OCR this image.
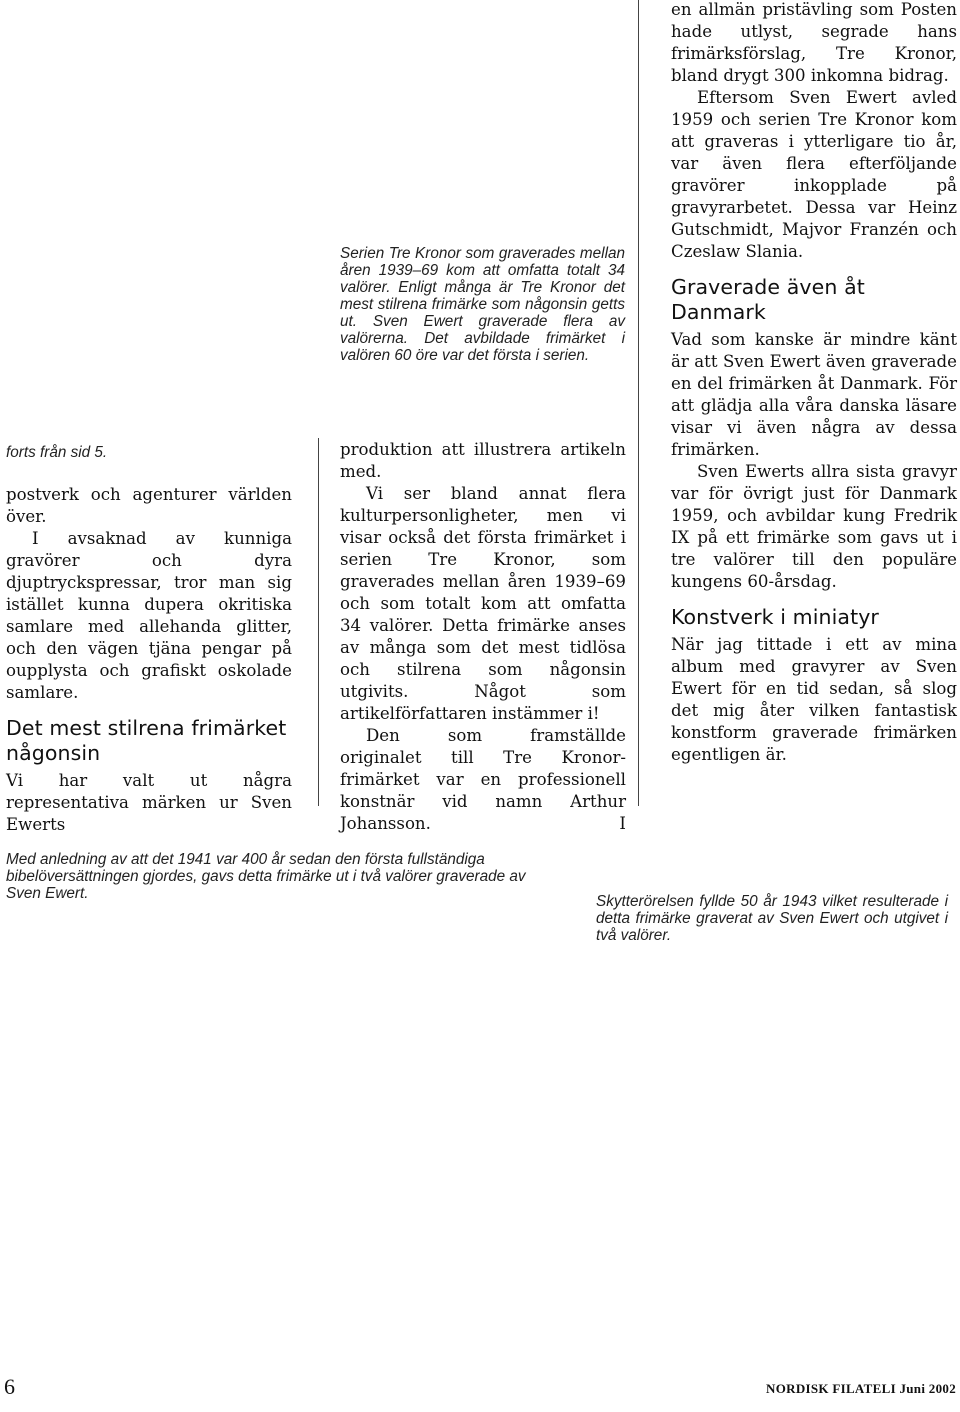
forts från sid 5.

postverk och agenturer världen över.

I avsaknad av kunniga gravörer och dyra djuptryckspressar, tror man sig istället kunna dupera okritiska samlare med allehanda glitter, och den vägen tjäna pengar på oupplysta och grafiskt oskolade samlare.

Det mest stilrena frimärket någonsin

Vi har valt ut några representativa märken ur Sven Ewerts

Serien Tre Kronor som graverades mellan åren 1939–69 kom att omfatta totalt 34 valörer. Enligt många är Tre Kronor det mest stilrena frimärke som någonsin getts ut. Sven Ewert graverade flera av valörerna. Det avbildade frimärket i valören 60 öre var det första i serien.

produktion att illustrera artikeln med.

Vi ser bland annat flera kulturpersonligheter, men vi visar också det första frimärket i serien Tre Kronor, som graverades mellan åren 1939–69 och som totalt kom att omfatta 34 valörer. Detta frimärke anses av många som det mest tidlösa och stilrena som någonsin utgivits. Något som artikelförfattaren instämmer i!

Den som framställde originalet till Tre Kronor-frimärket var en professionell konstnär vid namn Arthur Johansson. I

en allmän pristävling som Posten hade utlyst, segrade hans frimärksförslag, Tre Kronor, bland drygt 300 inkomna bidrag.

Eftersom Sven Ewert avled 1959 och serien Tre Kronor kom att graveras i ytterligare tio år, var även flera efterföljande gravörer inkopplade på gravyrarbetet. Dessa var Heinz Gutschmidt, Majvor Franzén och Czeslaw Slania.

Graverade även åt Danmark

Vad som kanske är mindre känt är att Sven Ewert även graverade en del frimärken åt Danmark. För att glädja alla våra danska läsare visar vi även några av dessa frimärken.

Sven Ewerts allra sista gravyr var för övrigt just för Danmark 1959, och avbildar kung Fredrik IX på ett frimärke som gavs ut i tre valörer till den populäre kungens 60-årsdag.

Konstverk i miniatyr

När jag tittade i ett av mina album med gravyrer av Sven Ewert för en tid sedan, så slog det mig åter vilken fantastisk konstform graverade frimärken egentligen är.

Med anledning av att det 1941 var 400 år sedan den första fullständiga bibelöversättningen gjordes, gavs detta frimärke ut i två valörer graverade av Sven Ewert.	Skytterörelsen fyllde 50 år 1943 vilket resulterade i detta frimärke graverat av Sven Ewert och utgivet i två valörer.
6	NORDISK FILATELI Juni 2002
